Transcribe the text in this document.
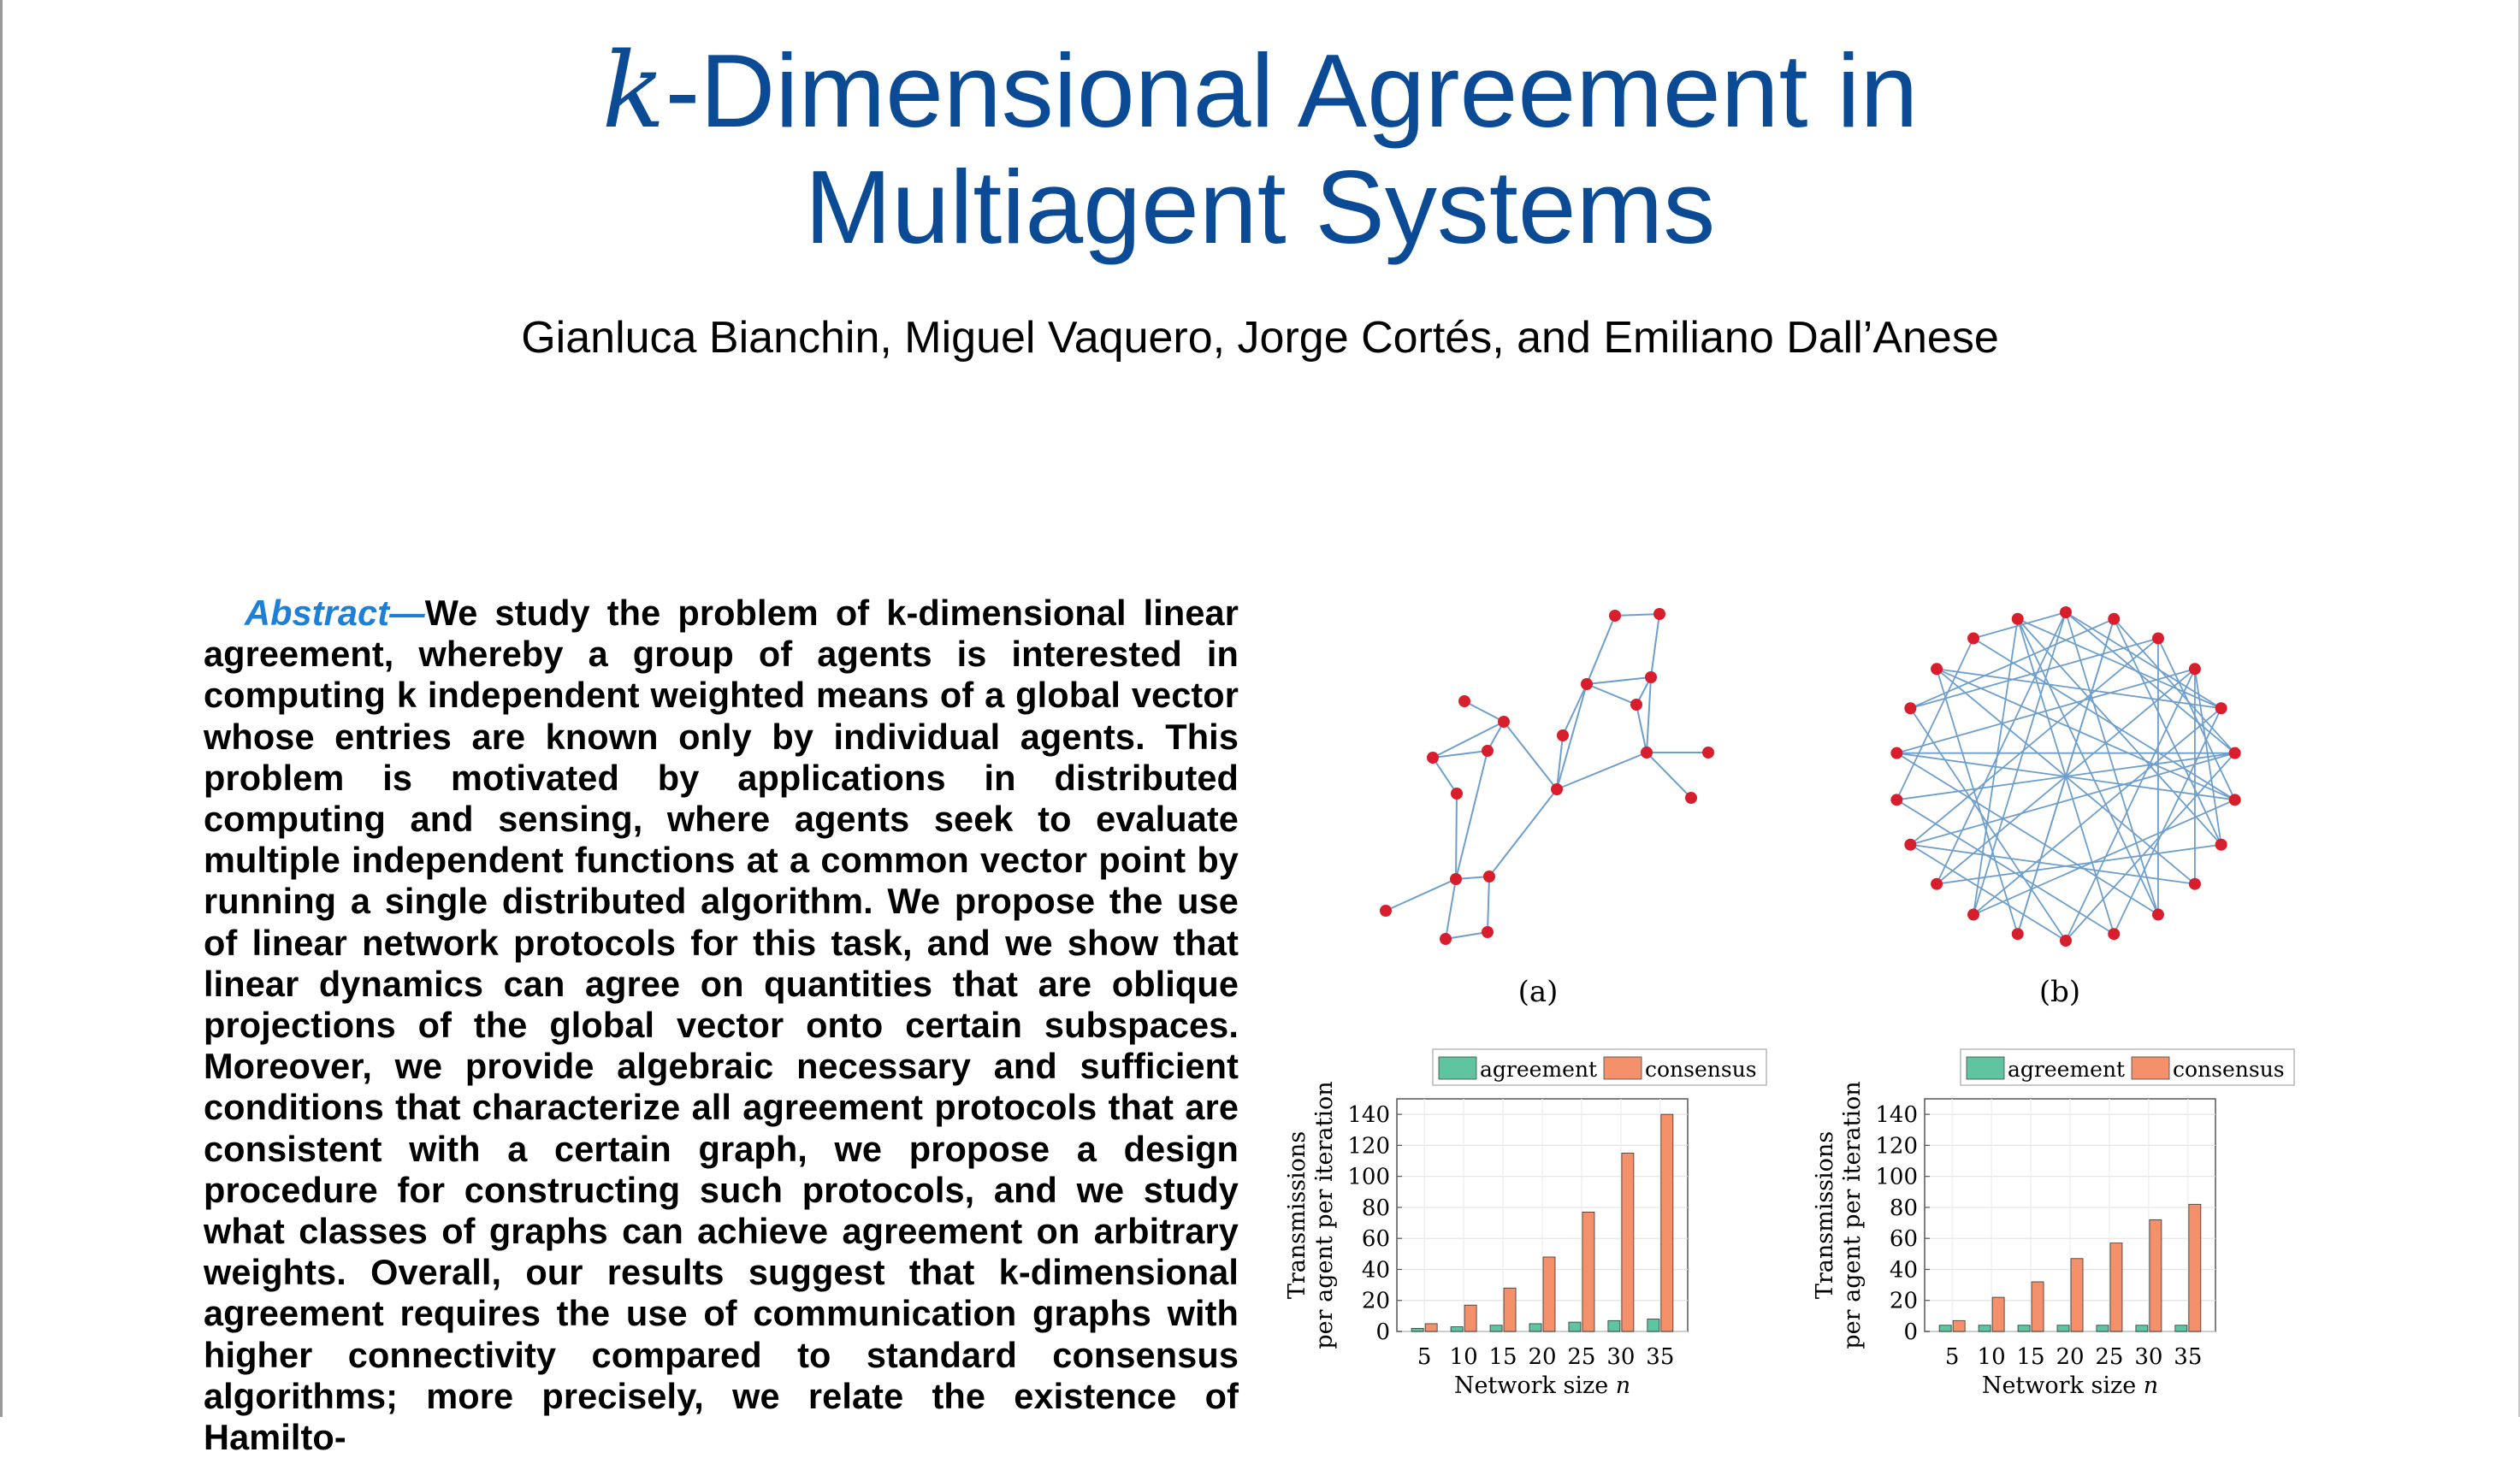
k-Dimensional Agreement in
Multiagent Systems
Gianluca Bianchin, Miguel Vaquero, Jorge Cortés, and Emiliano Dall’Anese
Abstract—We study the problem of k-dimensional linear agreement, whereby a group of agents is interested in computing k independent weighted means of a global vector whose entries are known only by individual agents. This problem is motivated by applications in distributed computing and sensing, where agents seek to evaluate multiple independent functions at a common vector point by running a single distributed algorithm. We propose the use of linear network protocols for this task, and we show that linear dynamics can agree on quantities that are oblique projections of the global vector onto certain subspaces. Moreover, we provide algebraic necessary and sufficient conditions that characterize all agreement protocols that are consistent with a certain graph, we propose a design procedure for constructing such protocols, and we study what classes of graphs can achieve agreement on arbitrary weights. Overall, our results suggest that k-dimensional agreement requires the use of communication graphs with higher connectivity compared to standard consensus algorithms; more precisely, we relate the existence of Hamilto-
(a)	(b)
agreement consensus
0
20
40
60
80
100
120
140
5 10 15 20 25 30 35
Network size n
Transmissions per agent per iteration
agreement consensus
0
20
40
60
80
100
120
140
5 10 15 20 25 30 35
Network size n
Transmissions per agent per iteration
